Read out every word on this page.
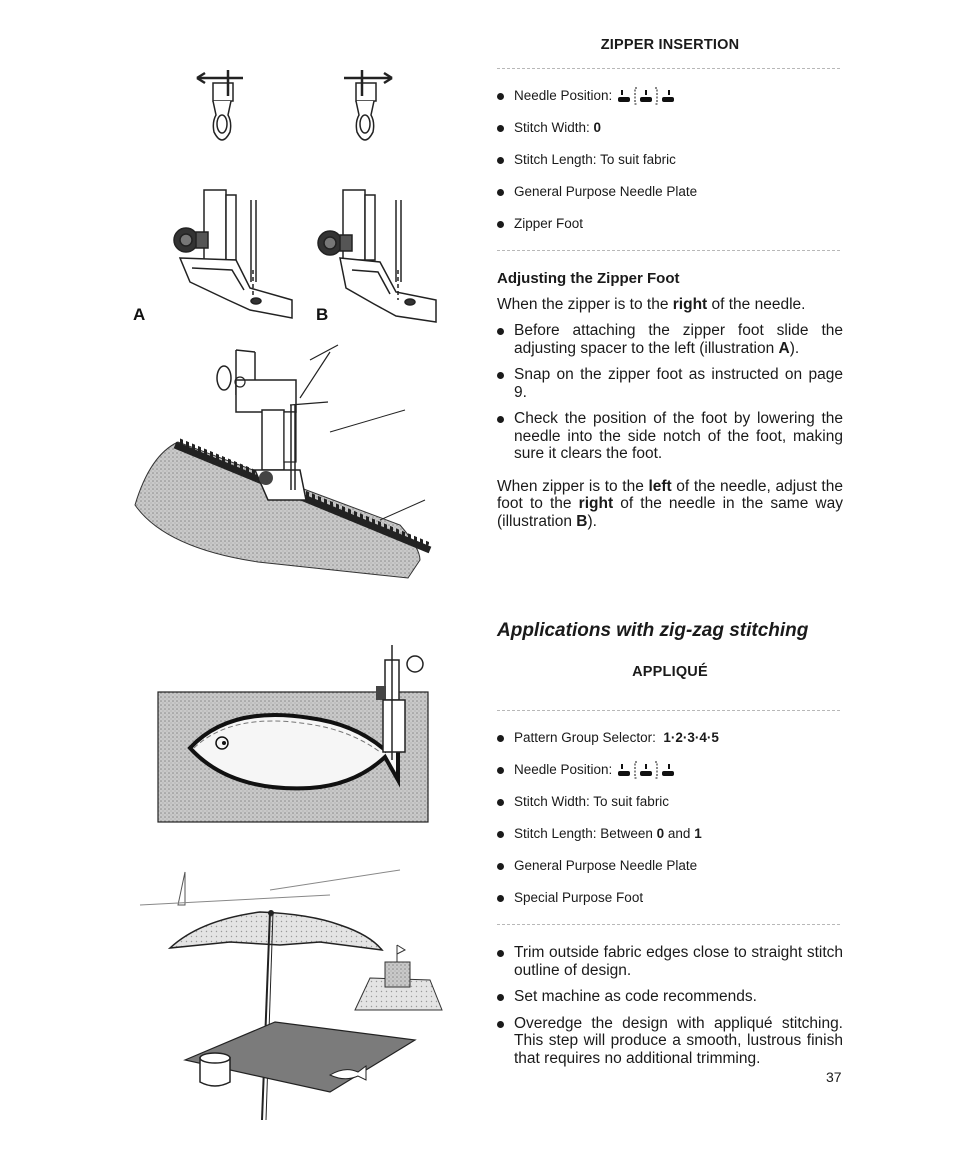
A	B
ZIPPER INSERTION
Needle Position:
Stitch Width:
0
Stitch Length: To suit fabric
General Purpose Needle Plate
Zipper Foot

Adjusting the Zipper Foot

When the zipper is to the right of the needle.

Before attaching the zipper foot slide the adjusting spacer to the left (illustration A).
Snap on the zipper foot as instructed on page 9.
Check the position of the foot by lowering the needle into the side notch of the foot, making sure it clears the foot.

When zipper is to the left of the needle, adjust the foot to the right of the needle in the same way (illustration B).

Applications with zig-zag stitching

APPLIQUÉ
Pattern Group Selector:
1·2·3·4·5
Needle Position:
Stitch Width: To suit fabric
Stitch Length: Between
0
and
1
General Purpose Needle Plate
Special Purpose Foot
Trim outside fabric edges close to straight stitch outline of design.
Set machine as code recommends.
Overedge the design with appliqué stitching. This step will produce a smooth, lustrous finish that requires no additional trimming.
37
